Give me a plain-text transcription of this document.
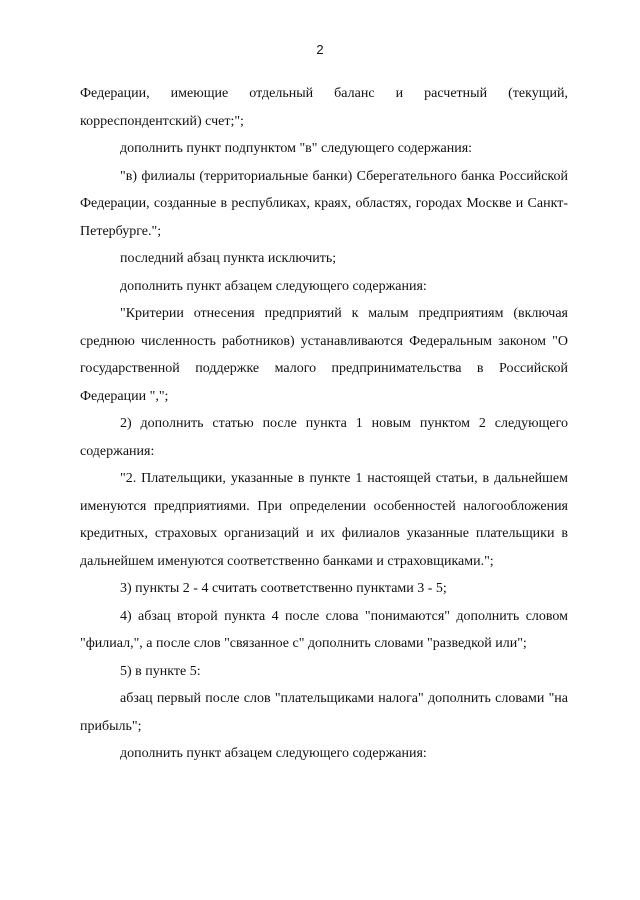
2

Федерации, имеющие отдельный баланс и расчетный (текущий, корреспондентский) счет;";

дополнить пункт подпунктом "в" следующего содержания:

"в) филиалы (территориальные банки) Сберегательного банка Российской Федерации, созданные в республиках, краях, областях, городах Москве и Санкт-Петербурге.";

последний абзац пункта исключить;

дополнить пункт абзацем следующего содержания:

"Критерии отнесения предприятий к малым предприятиям (включая среднюю численность работников) устанавливаются Федеральным законом "О государственной поддержке малого предпринимательства в Российской Федерации ",";

2) дополнить статью после пункта 1 новым пунктом 2 следующего содержания:

"2. Плательщики, указанные в пункте 1 настоящей статьи, в дальнейшем именуются предприятиями. При определении особенностей налогообложения кредитных, страховых организаций и их филиалов указанные плательщики в дальнейшем именуются соответственно банками и страховщиками.";

3) пункты 2 - 4 считать соответственно пунктами 3 - 5;

4) абзац второй пункта 4 после слова "понимаются" дополнить словом "филиал,", а после слов "связанное с" дополнить словами "разведкой или";

5) в пункте 5:

абзац первый после слов "плательщиками налога" дополнить словами "на прибыль";

дополнить пункт абзацем следующего содержания:
